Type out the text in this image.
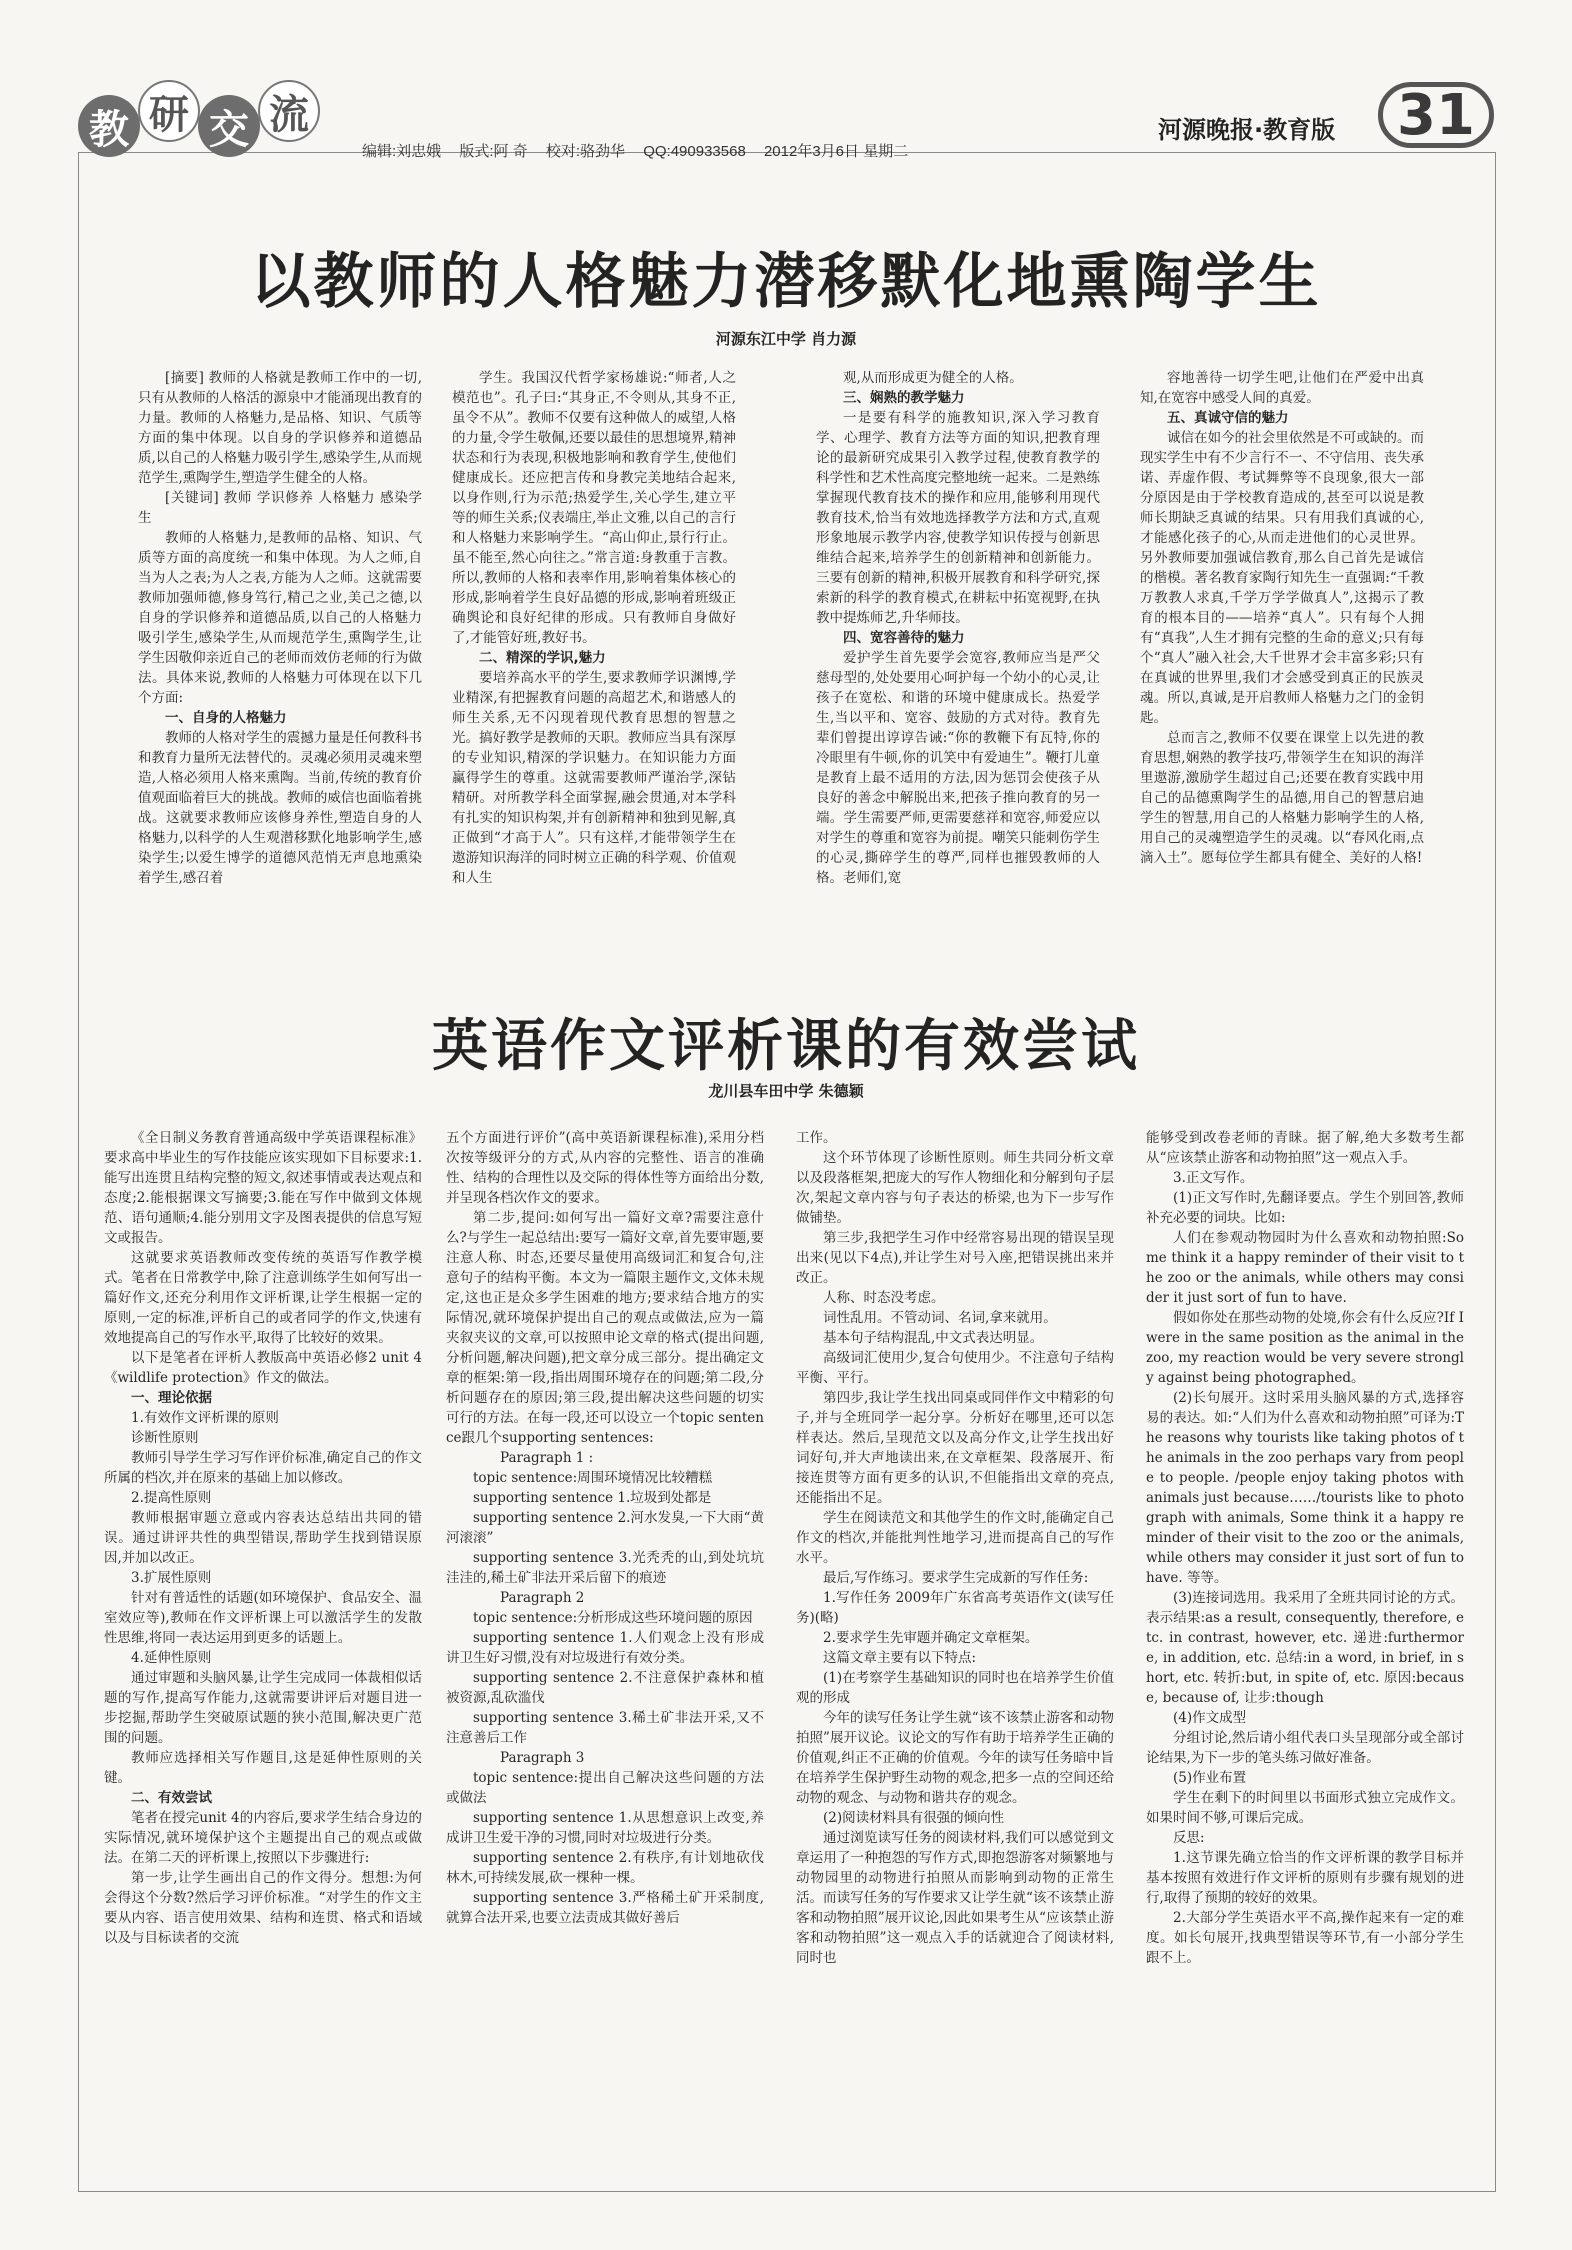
教 研 交 流
编辑:刘忠娥 版式:阿 奇 校对:骆劲华 QQ:490933568 2012年3月6日 星期二
河源晚报·教育版	31
以教师的人格魅力潜移默化地熏陶学生
河源东江中学 肖力源

[摘要] 教师的人格就是教师工作中的一切,只有从教师的人格活的源泉中才能涌现出教育的力量。教师的人格魅力,是品格、知识、气质等方面的集中体现。以自身的学识修养和道德品质,以自己的人格魅力吸引学生,感染学生,从而规范学生,熏陶学生,塑造学生健全的人格。

[关键词] 教师 学识修养 人格魅力 感染学生

教师的人格魅力,是教师的品格、知识、气质等方面的高度统一和集中体现。为人之师,自当为人之表;为人之表,方能为人之师。这就需要教师加强师德,修身笃行,精己之业,美己之德,以自身的学识修养和道德品质,以自己的人格魅力吸引学生,感染学生,从而规范学生,熏陶学生,让学生因敬仰亲近自己的老师而效仿老师的行为做法。具体来说,教师的人格魅力可体现在以下几个方面:

一、自身的人格魅力

教师的人格对学生的震撼力量是任何教科书和教育力量所无法替代的。灵魂必须用灵魂来塑造,人格必须用人格来熏陶。当前,传统的教育价值观面临着巨大的挑战。教师的威信也面临着挑战。这就要求教师应该修身养性,塑造自身的人格魅力,以科学的人生观潜移默化地影响学生,感染学生;以爱生博学的道德风范悄无声息地熏染着学生,感召着

学生。我国汉代哲学家杨雄说:“师者,人之模范也”。孔子曰:“其身正,不令则从,其身不正,虽令不从”。教师不仅要有这种做人的威望,人格的力量,令学生敬佩,还要以最佳的思想境界,精神状态和行为表现,积极地影响和教育学生,使他们健康成长。还应把言传和身教完美地结合起来,以身作则,行为示范;热爱学生,关心学生,建立平等的师生关系;仪表端庄,举止文雅,以自己的言行和人格魅力来影响学生。“高山仰止,景行行止。虽不能至,然心向往之。”常言道:身教重于言教。所以,教师的人格和表率作用,影响着集体核心的形成,影响着学生良好品德的形成,影响着班级正确舆论和良好纪律的形成。只有教师自身做好了,才能管好班,教好书。

二、精深的学识,魅力

要培养高水平的学生,要求教师学识渊博,学业精深,有把握教育问题的高超艺术,和谐感人的师生关系,无不闪现着现代教育思想的智慧之光。搞好教学是教师的天职。教师应当具有深厚的专业知识,精深的学识魅力。在知识能力方面赢得学生的尊重。这就需要教师严谨治学,深钻精研。对所教学科全面掌握,融会贯通,对本学科有扎实的知识构架,并有创新精神和独到见解,真正做到“才高于人”。只有这样,才能带领学生在遨游知识海洋的同时树立正确的科学观、价值观和人生

观,从而形成更为健全的人格。

三、娴熟的教学魅力

一是要有科学的施教知识,深入学习教育学、心理学、教育方法等方面的知识,把教育理论的最新研究成果引入教学过程,使教育教学的科学性和艺术性高度完整地统一起来。二是熟练掌握现代教育技术的操作和应用,能够利用现代教育技术,恰当有效地选择教学方法和方式,直观形象地展示教学内容,使教学知识传授与创新思维结合起来,培养学生的创新精神和创新能力。三要有创新的精神,积极开展教育和科学研究,探索新的科学的教育模式,在耕耘中拓宽视野,在执教中提炼师艺,升华师技。

四、宽容善待的魅力

爱护学生首先要学会宽容,教师应当是严父慈母型的,处处要用心呵护每一个幼小的心灵,让孩子在宽松、和谐的环境中健康成长。热爱学生,当以平和、宽容、鼓励的方式对待。教育先辈们曾提出谆谆告诫:“你的教鞭下有瓦特,你的冷眼里有牛顿,你的讥笑中有爱迪生”。鞭打儿童是教育上最不适用的方法,因为惩罚会使孩子从良好的善念中解脱出来,把孩子推向教育的另一端。学生需要严师,更需要慈祥和宽容,师爱应以对学生的尊重和宽容为前提。嘲笑只能刺伤学生的心灵,撕碎学生的尊严,同样也摧毁教师的人格。老师们,宽

容地善待一切学生吧,让他们在严爱中出真知,在宽容中感受人间的真爱。

五、真诚守信的魅力

诚信在如今的社会里依然是不可或缺的。而现实学生中有不少言行不一、不守信用、丧失承诺、弄虚作假、考试舞弊等不良现象,很大一部分原因是由于学校教育造成的,甚至可以说是教师长期缺乏真诚的结果。只有用我们真诚的心,才能感化孩子的心,从而走进他们的心灵世界。另外教师要加强诚信教育,那么自己首先是诚信的楷模。著名教育家陶行知先生一直强调:“千教万教教人求真,千学万学学做真人”,这揭示了教育的根本目的——培养“真人”。只有每个人拥有“真我”,人生才拥有完整的生命的意义;只有每个“真人”融入社会,大千世界才会丰富多彩;只有在真诚的世界里,我们才会感受到真正的民族灵魂。所以,真诚,是开启教师人格魅力之门的金钥匙。

总而言之,教师不仅要在课堂上以先进的教育思想,娴熟的教学技巧,带领学生在知识的海洋里遨游,激励学生超过自己;还要在教育实践中用自己的品德熏陶学生的品德,用自己的智慧启迪学生的智慧,用自己的人格魅力影响学生的人格,用自己的灵魂塑造学生的灵魂。以“春风化雨,点滴入土”。愿每位学生都具有健全、美好的人格!

英语作文评析课的有效尝试
龙川县车田中学 朱德颖

《全日制义务教育普通高级中学英语课程标准》要求高中毕业生的写作技能应该实现如下目标要求:1.能写出连贯且结构完整的短文,叙述事情或表达观点和态度;2.能根据课文写摘要;3.能在写作中做到文体规范、语句通顺;4.能分别用文字及图表提供的信息写短文或报告。

这就要求英语教师改变传统的英语写作教学模式。笔者在日常教学中,除了注意训练学生如何写出一篇好作文,还充分利用作文评析课,让学生根据一定的原则,一定的标准,评析自己的或者同学的作文,快速有效地提高自己的写作水平,取得了比较好的效果。

以下是笔者在评析人教版高中英语必修2 unit 4《wildlife protection》作文的做法。

一、理论依据

1.有效作文评析课的原则

诊断性原则

教师引导学生学习写作评价标准,确定自己的作文所属的档次,并在原来的基础上加以修改。

2.提高性原则

教师根据审题立意或内容表达总结出共同的错误。通过讲评共性的典型错误,帮助学生找到错误原因,并加以改正。

3.扩展性原则

针对有普适性的话题(如环境保护、食品安全、温室效应等),教师在作文评析课上可以激活学生的发散性思维,将同一表达运用到更多的话题上。

4.延伸性原则

通过审题和头脑风暴,让学生完成同一体裁相似话题的写作,提高写作能力,这就需要讲评后对题目进一步挖掘,帮助学生突破原试题的狭小范围,解决更广范围的问题。

教师应选择相关写作题目,这是延伸性原则的关键。

二、有效尝试

笔者在授完unit 4的内容后,要求学生结合身边的实际情况,就环境保护这个主题提出自己的观点或做法。在第二天的评析课上,按照以下步骤进行:

第一步,让学生画出自己的作文得分。想想:为何会得这个分数?然后学习评价标准。“对学生的作文主要从内容、语言使用效果、结构和连贯、格式和语域以及与目标读者的交流

五个方面进行评价”(高中英语新课程标准),采用分档次按等级评分的方式,从内容的完整性、语言的准确性、结构的合理性以及交际的得体性等方面给出分数,并呈现各档次作文的要求。

第二步,提问:如何写出一篇好文章?需要注意什么?与学生一起总结出:要写一篇好文章,首先要审题,要注意人称、时态,还要尽量使用高级词汇和复合句,注意句子的结构平衡。本文为一篇限主题作文,文体未规定,这也正是众多学生困难的地方;要求结合地方的实际情况,就环境保护提出自己的观点或做法,应为一篇夹叙夹议的文章,可以按照申论文章的格式(提出问题,分析问题,解决问题),把文章分成三部分。提出确定文章的框架:第一段,指出周围环境存在的问题;第二段,分析问题存在的原因;第三段,提出解决这些问题的切实可行的方法。在每一段,还可以设立一个topic sentence跟几个supporting sentences:

Paragraph 1 :

topic sentence:周围环境情况比较糟糕

supporting sentence 1.垃圾到处都是

supporting sentence 2.河水发臭,一下大雨“黄河滚滚”

supporting sentence 3.光秃秃的山,到处坑坑洼洼的,稀土矿非法开采后留下的痕迹

Paragraph 2

topic sentence:分析形成这些环境问题的原因

supporting sentence 1.人们观念上没有形成讲卫生好习惯,没有对垃圾进行有效分类。

supporting sentence 2.不注意保护森林和植被资源,乱砍滥伐

supporting sentence 3.稀土矿非法开采,又不注意善后工作

Paragraph 3

topic sentence:提出自己解决这些问题的方法或做法

supporting sentence 1.从思想意识上改变,养成讲卫生爱干净的习惯,同时对垃圾进行分类。

supporting sentence 2.有秩序,有计划地砍伐林木,可持续发展,砍一棵种一棵。

supporting sentence 3.严格稀土矿开采制度,就算合法开采,也要立法责成其做好善后

工作。

这个环节体现了诊断性原则。师生共同分析文章以及段落框架,把庞大的写作人物细化和分解到句子层次,架起文章内容与句子表达的桥梁,也为下一步写作做铺垫。

第三步,我把学生习作中经常容易出现的错误呈现出来(见以下4点),并让学生对号入座,把错误挑出来并改正。

人称、时态没考虑。

词性乱用。不管动词、名词,拿来就用。

基本句子结构混乱,中文式表达明显。

高级词汇使用少,复合句使用少。不注意句子结构平衡、平行。

第四步,我让学生找出同桌或同伴作文中精彩的句子,并与全班同学一起分享。分析好在哪里,还可以怎样表达。然后,呈现范文以及高分作文,让学生找出好词好句,并大声地读出来,在文章框架、段落展开、衔接连贯等方面有更多的认识,不但能指出文章的亮点,还能指出不足。

学生在阅读范文和其他学生的作文时,能确定自己作文的档次,并能批判性地学习,进而提高自己的写作水平。

最后,写作练习。要求学生完成新的写作任务:

1.写作任务 2009年广东省高考英语作文(读写任务)(略)

2.要求学生先审题并确定文章框架。

这篇文章主要有以下特点:

(1)在考察学生基础知识的同时也在培养学生价值观的形成

今年的读写任务让学生就“该不该禁止游客和动物拍照”展开议论。议论文的写作有助于培养学生正确的价值观,纠正不正确的价值观。今年的读写任务暗中旨在培养学生保护野生动物的观念,把多一点的空间还给动物的观念、与动物和谐共存的观念。

(2)阅读材料具有很强的倾向性

通过浏览读写任务的阅读材料,我们可以感觉到文章运用了一种抱怨的写作方式,即抱怨游客对频繁地与动物园里的动物进行拍照从而影响到动物的正常生活。而读写任务的写作要求又让学生就“该不该禁止游客和动物拍照”展开议论,因此如果考生从“应该禁止游客和动物拍照”这一观点入手的话就迎合了阅读材料,同时也

能够受到改卷老师的青睐。据了解,绝大多数考生都从“应该禁止游客和动物拍照”这一观点入手。

3.正文写作。

(1)正文写作时,先翻译要点。学生个别回答,教师补充必要的词块。比如:

人们在参观动物园时为什么喜欢和动物拍照:Some think it a happy reminder of their visit to the zoo or the animals, while others may consider it just sort of fun to have.

假如你处在那些动物的处境,你会有什么反应?If I were in the same position as the animal in the zoo, my reaction would be very severe strongly against being photographed。

(2)长句展开。这时采用头脑风暴的方式,选择容易的表达。如:“人们为什么喜欢和动物拍照”可译为:The reasons why tourists like taking photos of the animals in the zoo perhaps vary from people to people. /people enjoy taking photos with animals just because……/tourists like to photograph with animals, Some think it a happy reminder of their visit to the zoo or the animals, while others may consider it just sort of fun to have. 等等。

(3)连接词选用。我采用了全班共同讨论的方式。表示结果:as a result, consequently, therefore, etc. in contrast, however, etc. 递进:furthermore, in addition, etc. 总结:in a word, in brief, in short, etc. 转折:but, in spite of, etc. 原因:because, because of, 让步:though

(4)作文成型

分组讨论,然后请小组代表口头呈现部分或全部讨论结果,为下一步的笔头练习做好准备。

(5)作业布置

学生在剩下的时间里以书面形式独立完成作文。如果时间不够,可课后完成。

反思:

1.这节课先确立恰当的作文评析课的教学目标并基本按照有效进行作文评析的原则有步骤有规划的进行,取得了预期的较好的效果。

2.大部分学生英语水平不高,操作起来有一定的难度。如长句展开,找典型错误等环节,有一小部分学生跟不上。
